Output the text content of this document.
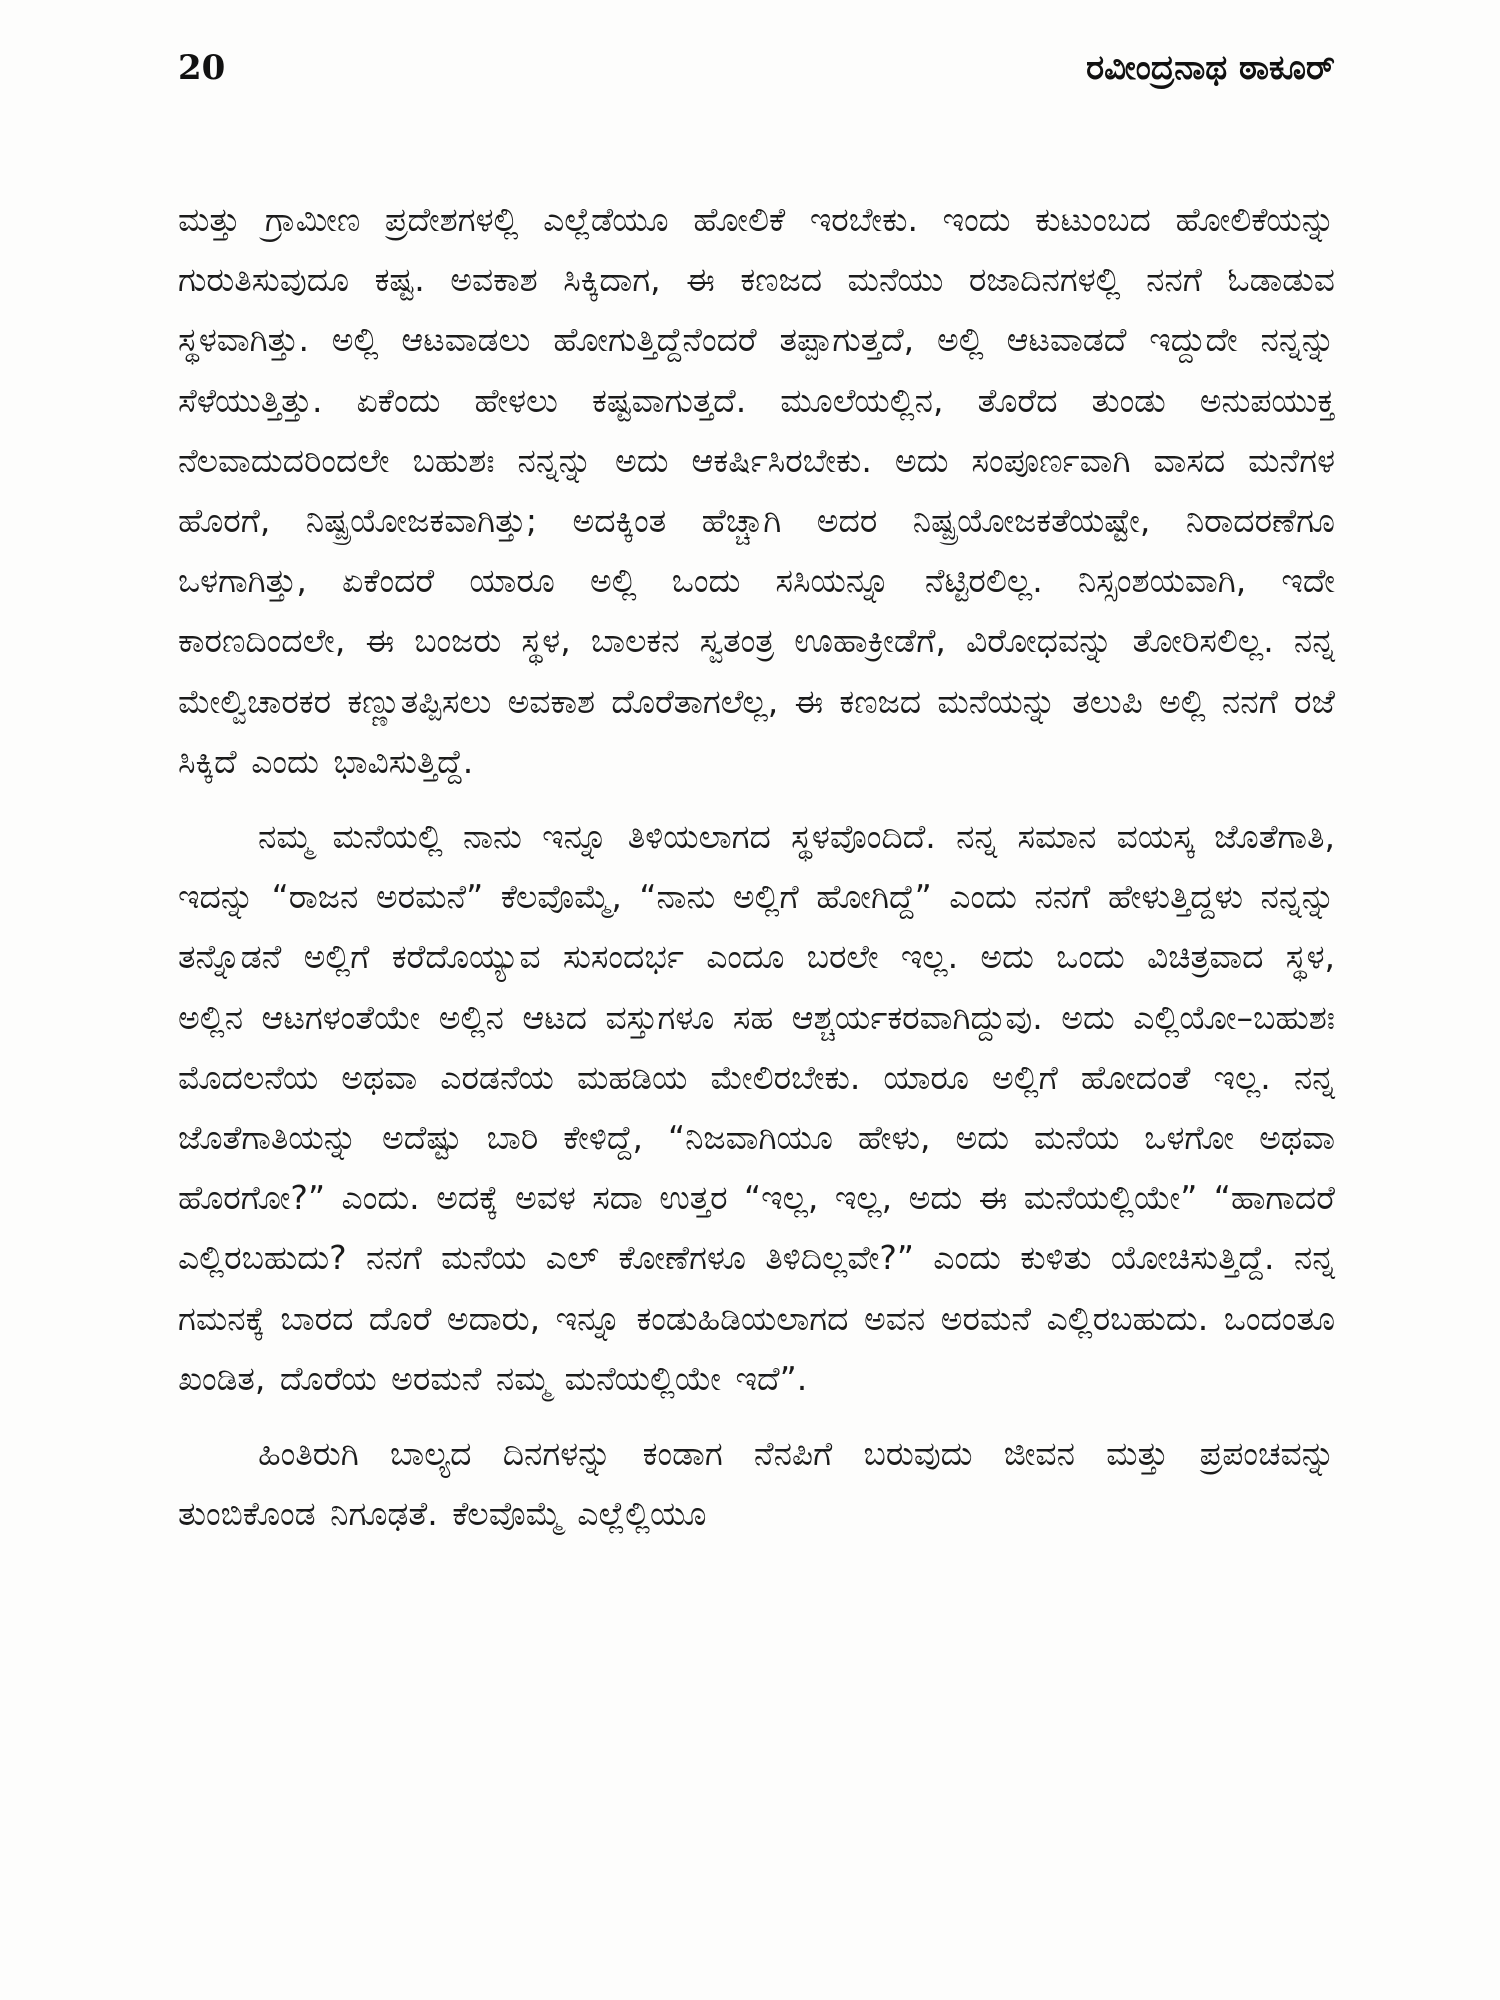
20	ರವೀಂದ್ರನಾಥ ಠಾಕೂರ್

ಮತ್ತು ಗ್ರಾಮೀಣ ಪ್ರದೇಶಗಳಲ್ಲಿ ಎಲ್ಲೆಡೆಯೂ ಹೋಲಿಕೆ ಇರಬೇಕು. ಇಂದು ಕುಟುಂಬದ ಹೋಲಿಕೆಯನ್ನು ಗುರುತಿಸುವುದೂ ಕಷ್ಟ. ಅವಕಾಶ ಸಿಕ್ಕಿದಾಗ, ಈ ಕಣಜದ ಮನೆಯು ರಜಾದಿನಗಳಲ್ಲಿ ನನಗೆ ಓಡಾಡುವ ಸ್ಥಳವಾಗಿತ್ತು. ಅಲ್ಲಿ ಆಟವಾಡಲು ಹೋಗುತ್ತಿದ್ದೆನೆಂದರೆ ತಪ್ಪಾಗುತ್ತದೆ, ಅಲ್ಲಿ ಆಟವಾಡದೆ ಇದ್ದುದೇ ನನ್ನನ್ನು ಸೆಳೆಯುತ್ತಿತ್ತು. ಏಕೆಂದು ಹೇಳಲು ಕಷ್ಟವಾಗುತ್ತದೆ. ಮೂಲೆಯಲ್ಲಿನ, ತೊರೆದ ತುಂಡು ಅನುಪಯುಕ್ತ ನೆಲವಾದುದರಿಂದಲೇ ಬಹುಶಃ ನನ್ನನ್ನು ಅದು ಆಕರ್ಷಿಸಿರಬೇಕು. ಅದು ಸಂಪೂರ್ಣವಾಗಿ ವಾಸದ ಮನೆಗಳ ಹೊರಗೆ, ನಿಷ್ಪ್ರಯೋಜಕವಾಗಿತ್ತು; ಅದಕ್ಕಿಂತ ಹೆಚ್ಚಾಗಿ ಅದರ ನಿಷ್ಪ್ರಯೋಜಕತೆಯಷ್ಟೇ, ನಿರಾದರಣೆಗೂ ಒಳಗಾಗಿತ್ತು, ಏಕೆಂದರೆ ಯಾರೂ ಅಲ್ಲಿ ಒಂದು ಸಸಿಯನ್ನೂ ನೆಟ್ಟಿರಲಿಲ್ಲ. ನಿಸ್ಸಂಶಯವಾಗಿ, ಇದೇ ಕಾರಣದಿಂದಲೇ, ಈ ಬಂಜರು ಸ್ಥಳ, ಬಾಲಕನ ಸ್ವತಂತ್ರ ಊಹಾಕ್ರೀಡೆಗೆ, ವಿರೋಧವನ್ನು ತೋರಿಸಲಿಲ್ಲ. ನನ್ನ ಮೇಲ್ವಿಚಾರಕರ ಕಣ್ಣುತಪ್ಪಿಸಲು ಅವಕಾಶ ದೊರೆತಾಗಲೆಲ್ಲ, ಈ ಕಣಜದ ಮನೆಯನ್ನು ತಲುಪಿ ಅಲ್ಲಿ ನನಗೆ ರಜೆ ಸಿಕ್ಕಿದೆ ಎಂದು ಭಾವಿಸುತ್ತಿದ್ದೆ.

ನಮ್ಮ ಮನೆಯಲ್ಲಿ ನಾನು ಇನ್ನೂ ತಿಳಿಯಲಾಗದ ಸ್ಥಳವೊಂದಿದೆ. ನನ್ನ ಸಮಾನ ವಯಸ್ಕ ಜೊತೆಗಾತಿ, ಇದನ್ನು “ರಾಜನ ಅರಮನೆ” ಕೆಲವೊಮ್ಮೆ, “ನಾನು ಅಲ್ಲಿಗೆ ಹೋಗಿದ್ದೆ” ಎಂದು ನನಗೆ ಹೇಳುತ್ತಿದ್ದಳು ನನ್ನನ್ನು ತನ್ನೊಡನೆ ಅಲ್ಲಿಗೆ ಕರೆದೊಯ್ಯುವ ಸುಸಂದರ್ಭ ಎಂದೂ ಬರಲೇ ಇಲ್ಲ. ಅದು ಒಂದು ವಿಚಿತ್ರವಾದ ಸ್ಥಳ, ಅಲ್ಲಿನ ಆಟಗಳಂತೆಯೇ ಅಲ್ಲಿನ ಆಟದ ವಸ್ತುಗಳೂ ಸಹ ಆಶ್ಚರ್ಯಕರವಾಗಿದ್ದುವು. ಅದು ಎಲ್ಲಿಯೋ–ಬಹುಶಃ ಮೊದಲನೆಯ ಅಥವಾ ಎರಡನೆಯ ಮಹಡಿಯ ಮೇಲಿರಬೇಕು. ಯಾರೂ ಅಲ್ಲಿಗೆ ಹೋದಂತೆ ಇಲ್ಲ. ನನ್ನ ಜೊತೆಗಾತಿಯನ್ನು ಅದೆಷ್ಟು ಬಾರಿ ಕೇಳಿದ್ದೆ, “ನಿಜವಾಗಿಯೂ ಹೇಳು, ಅದು ಮನೆಯ ಒಳಗೋ ಅಥವಾ ಹೊರಗೋ?” ಎಂದು. ಅದಕ್ಕೆ ಅವಳ ಸದಾ ಉತ್ತರ “ಇಲ್ಲ, ಇಲ್ಲ, ಅದು ಈ ಮನೆಯಲ್ಲಿಯೇ” “ಹಾಗಾದರೆ ಎಲ್ಲಿರಬಹುದು? ನನಗೆ ಮನೆಯ ಎಲ್ ಕೋಣೆಗಳೂ ತಿಳಿದಿಲ್ಲವೇ?” ಎಂದು ಕುಳಿತು ಯೋಚಿಸುತ್ತಿದ್ದೆ. ನನ್ನ ಗಮನಕ್ಕೆ ಬಾರದ ದೊರೆ ಅದಾರು, ಇನ್ನೂ ಕಂಡುಹಿಡಿಯಲಾಗದ ಅವನ ಅರಮನೆ ಎಲ್ಲಿರಬಹುದು. ಒಂದಂತೂ ಖಂಡಿತ, ದೊರೆಯ ಅರಮನೆ ನಮ್ಮ ಮನೆಯಲ್ಲಿಯೇ ಇದೆ”.

ಹಿಂತಿರುಗಿ ಬಾಲ್ಯದ ದಿನಗಳನ್ನು ಕಂಡಾಗ ನೆನಪಿಗೆ ಬರುವುದು ಜೀವನ ಮತ್ತು ಪ್ರಪಂಚವನ್ನು ತುಂಬಿಕೊಂಡ ನಿಗೂಢತೆ. ಕೆಲವೊಮ್ಮೆ ಎಲ್ಲೆಲ್ಲಿಯೂ
